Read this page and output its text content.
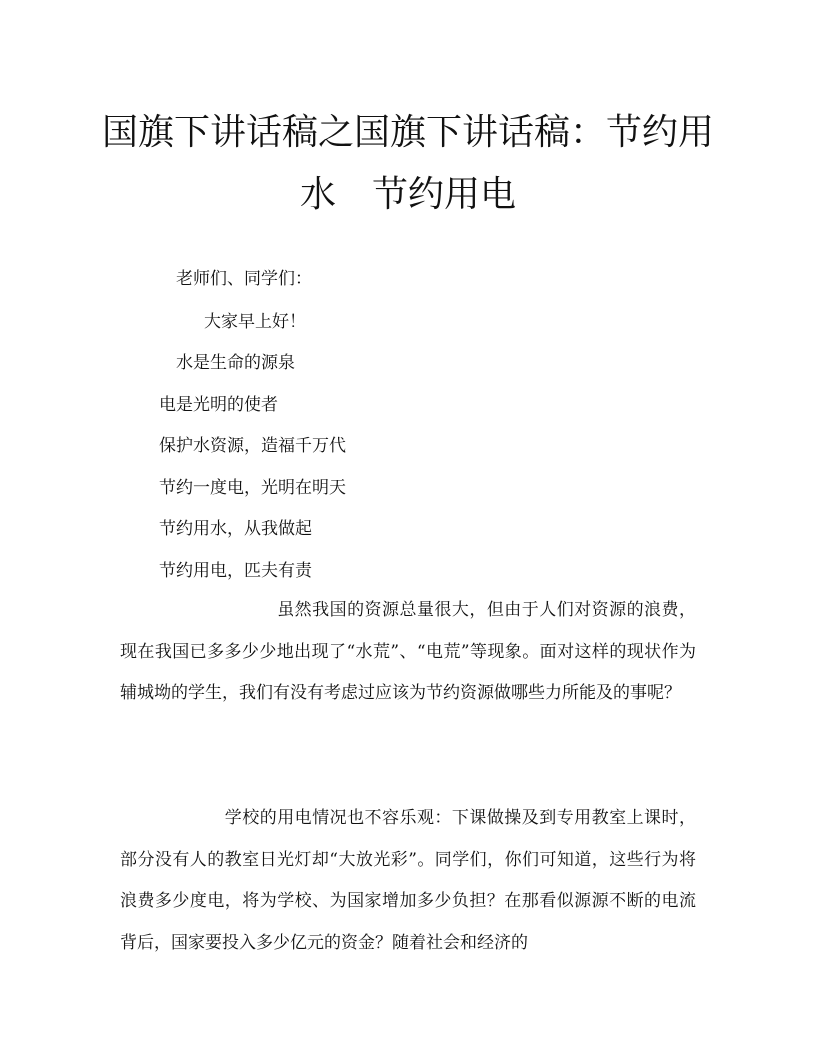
国旗下讲话稿之国旗下讲话稿：节约用
水　节约用电

老师们、同学们：

大家早上好！

水是生命的源泉

电是光明的使者

保护水资源，造福千万代

节约一度电，光明在明天

节约用水，从我做起

节约用电，匹夫有责

　　　　　　　　　虽然我国的资源总量很大，但由于人们对资源的浪费，现在我国已多多少少地出现了“水荒”、“电荒”等现象。面对这样的现状作为辅城坳的学生，我们有没有考虑过应该为节约资源做哪些力所能及的事呢？

　　　　　　学校的用电情况也不容乐观：下课做操及到专用教室上课时，部分没有人的教室日光灯却“大放光彩”。同学们，你们可知道，这些行为将浪费多少度电，将为学校、为国家增加多少负担？在那看似源源不断的电流背后，国家要投入多少亿元的资金？随着社会和经济的
